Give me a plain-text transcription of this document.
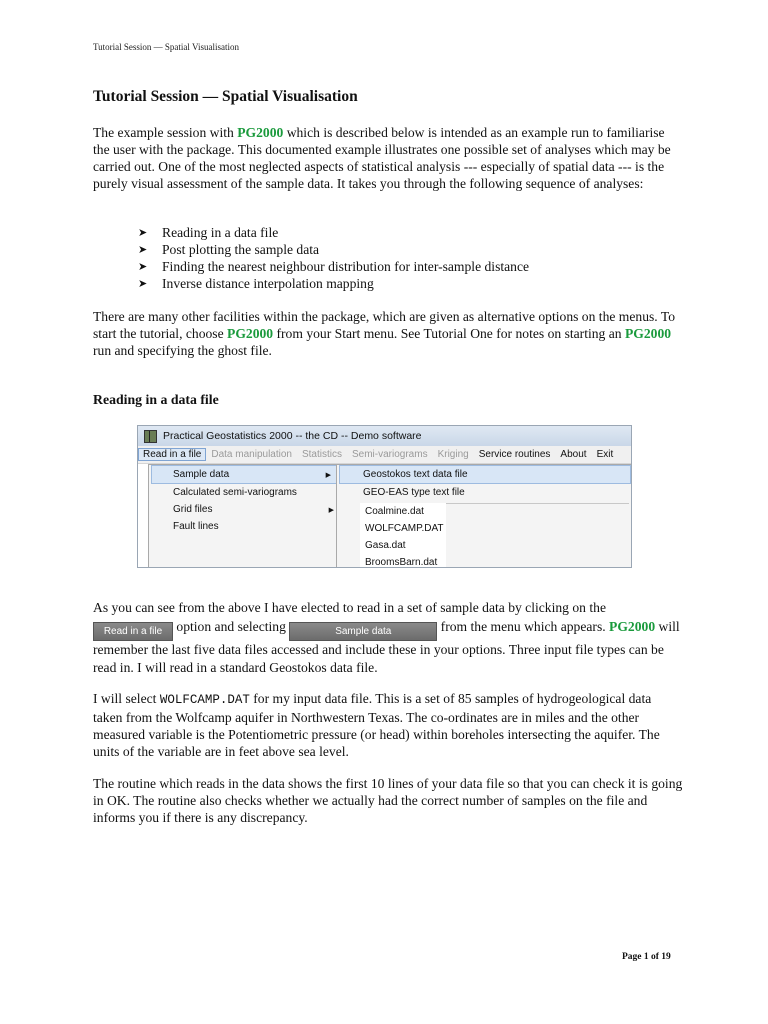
Tutorial Session — Spatial Visualisation
Tutorial Session — Spatial Visualisation

The example session with PG2000 which is described below is intended as an example run to familiarise the user with the package. This documented example illustrates one possible set of analyses which may be carried out. One of the most neglected aspects of statistical analysis --- especially of spatial data --- is the purely visual assessment of the sample data. It takes you through the following sequence of analyses:

➤ Reading in a data file
➤ Post plotting the sample data
➤ Finding the nearest neighbour distribution for inter-sample distance
➤ Inverse distance interpolation mapping

There are many other facilities within the package, which are given as alternative options on the menus. To start the tutorial, choose PG2000 from your Start menu. See Tutorial One for notes on starting an PG2000 run and specifying the ghost file.

Reading in a data file
Practical Geostatistics 2000 -- the CD -- Demo software
Read in a file	Data manipulation	Statistics	Semi-variograms	Kriging	Service routines	About	Exit
Sample data	▶
Calculated semi-variograms
Grid files	▶
Fault lines
Geostokos text data file
GEO-EAS type text file
Coalmine.dat
WOLFCAMP.DAT
Gasa.dat
BroomsBarn.dat

As you can see from the above I have elected to read in a set of sample data by clicking on the Read in a file option and selecting	Sample data	from the menu which appears. PG2000 will remember the last five data files accessed and include these in your options. Three input file types can be read in. I will read in a standard Geostokos data file.

I will select WOLFCAMP.DAT for my input data file. This is a set of 85 samples of hydrogeological data taken from the Wolfcamp aquifer in Northwestern Texas. The co-ordinates are in miles and the other measured variable is the Potentiometric pressure (or head) within boreholes intersecting the aquifer. The units of the variable are in feet above sea level.

The routine which reads in the data shows the first 10 lines of your data file so that you can check it is going in OK. The routine also checks whether we actually had the correct number of samples on the file and informs you if there is any discrepancy.

Page 1 of 19
